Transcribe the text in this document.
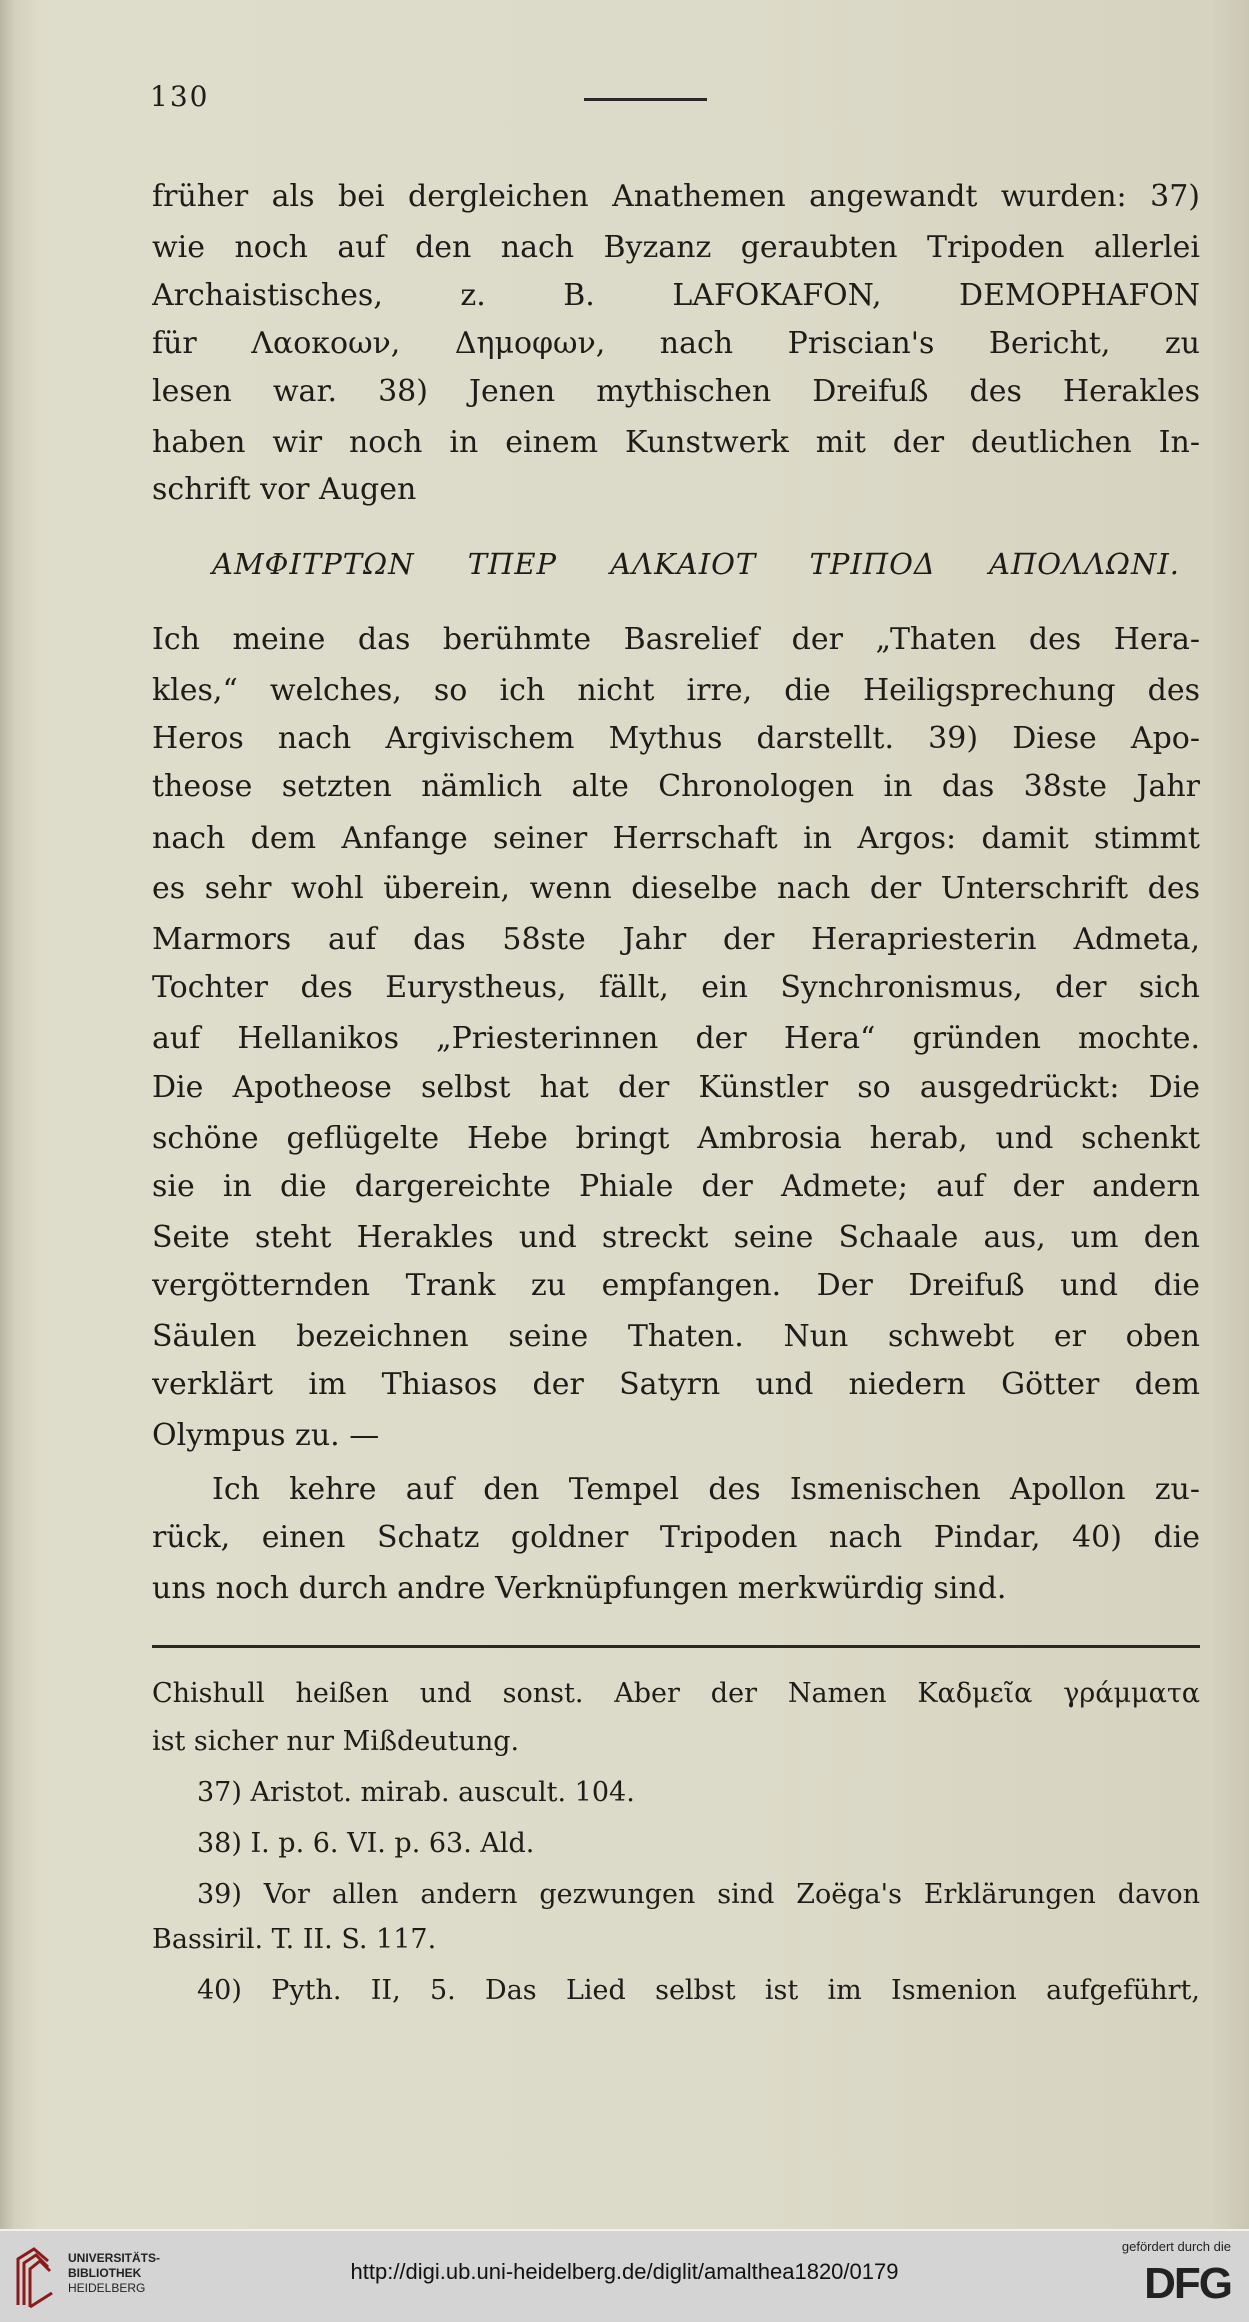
130
früher als bei dergleichen Anathemen angewandt wurden: 37)
wie noch auf den nach Byzanz geraubten Tripoden allerlei
Archaistisches, z. B. LAFOKAFON, DEMOPHAFON
für Λαοκοων, Δημοφων, nach Priscian's Bericht, zu
lesen war. 38) Jenen mythischen Dreifuß des Herakles
haben wir noch in einem Kunstwerk mit der deutlichen In-
schrift vor Augen
ΑΜΦΙΤΡΤΩΝ ΤΠΕΡ ΑΛΚΑΙΟΤ ΤΡΙΠΟΔ ΑΠΟΛΛΩΝΙ.
Ich meine das berühmte Basrelief der „Thaten des Hera-
kles,“ welches, so ich nicht irre, die Heiligsprechung des
Heros nach Argivischem Mythus darstellt. 39) Diese Apo-
theose setzten nämlich alte Chronologen in das 38ste Jahr
nach dem Anfange seiner Herrschaft in Argos: damit stimmt
es sehr wohl überein, wenn dieselbe nach der Unterschrift des
Marmors auf das 58ste Jahr der Herapriesterin Admeta,
Tochter des Eurystheus, fällt, ein Synchronismus, der sich
auf Hellanikos „Priesterinnen der Hera“ gründen mochte.
Die Apotheose selbst hat der Künstler so ausgedrückt: Die
schöne geflügelte Hebe bringt Ambrosia herab, und schenkt
sie in die dargereichte Phiale der Admete; auf der andern
Seite steht Herakles und streckt seine Schaale aus, um den
vergötternden Trank zu empfangen. Der Dreifuß und die
Säulen bezeichnen seine Thaten. Nun schwebt er oben
verklärt im Thiasos der Satyrn und niedern Götter dem
Olympus zu. —
Ich kehre auf den Tempel des Ismenischen Apollon zu-
rück, einen Schatz goldner Tripoden nach Pindar, 40) die
uns noch durch andre Verknüpfungen merkwürdig sind.
Chishull heißen und sonst. Aber der Namen Καδμεῖα γράμματα
ist sicher nur Mißdeutung.
37) Aristot. mirab. auscult. 104.
38) I. p. 6. VI. p. 63. Ald.
39) Vor allen andern gezwungen sind Zoëga's Erklärungen davon
Bassiril. T. II. S. 117.
40) Pyth. II, 5. Das Lied selbst ist im Ismenion aufgeführt,
UNIVERSITÄTS-
BIBLIOTHEK
HEIDELBERG
http://digi.ub.uni-heidelberg.de/diglit/amalthea1820/0179
gefördert durch die
DFG
